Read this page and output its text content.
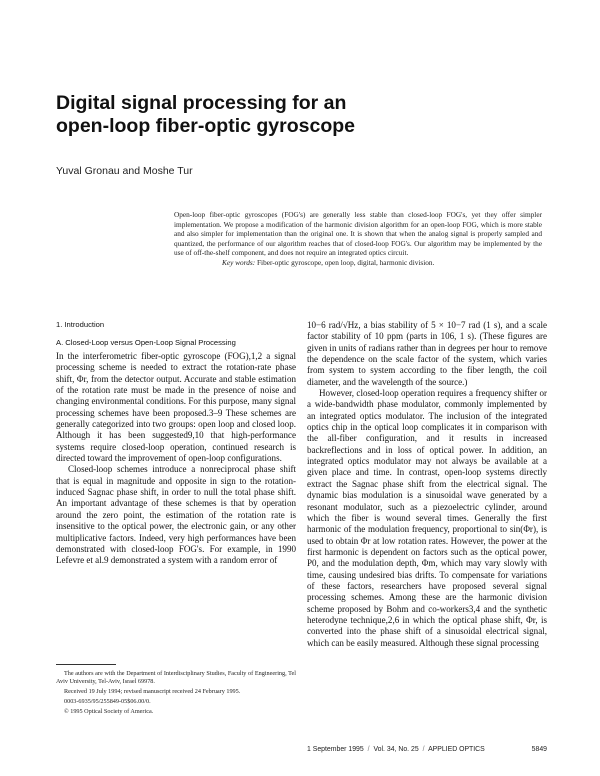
Digital signal processing for an
open-loop fiber-optic gyroscope
Yuval Gronau and Moshe Tur
Open-loop fiber-optic gyroscopes (FOG's) are generally less stable than closed-loop FOG's, yet they offer simpler implementation. We propose a modification of the harmonic division algorithm for an open-loop FOG, which is more stable and also simpler for implementation than the original one. It is shown that when the analog signal is properly sampled and quantized, the performance of our algorithm reaches that of closed-loop FOG's. Our algorithm may be implemented by the use of off-the-shelf component, and does not require an integrated optics circuit.
Key words: Fiber-optic gyroscope, open loop, digital, harmonic division.
1. Introduction
A. Closed-Loop versus Open-Loop Signal Processing

In the interferometric fiber-optic gyroscope (FOG),1,2 a signal processing scheme is needed to extract the rotation-rate phase shift, Φr, from the detector output. Accurate and stable estimation of the rotation rate must be made in the presence of noise and changing environmental conditions. For this purpose, many signal processing schemes have been proposed.3–9 These schemes are generally categorized into two groups: open loop and closed loop. Although it has been suggested9,10 that high-performance systems require closed-loop operation, continued research is directed toward the improvement of open-loop configurations.

Closed-loop schemes introduce a nonreciprocal phase shift that is equal in magnitude and opposite in sign to the rotation-induced Sagnac phase shift, in order to null the total phase shift. An important advantage of these schemes is that by operation around the zero point, the estimation of the rotation rate is insensitive to the optical power, the electronic gain, or any other multiplicative factors. Indeed, very high performances have been demonstrated with closed-loop FOG's. For example, in 1990 Lefevre et al.9 demonstrated a system with a random error of

10−6 rad/√Hz, a bias stability of 5 × 10−7 rad (1 s), and a scale factor stability of 10 ppm (parts in 106, 1 s). (These figures are given in units of radians rather than in degrees per hour to remove the dependence on the scale factor of the system, which varies from system to system according to the fiber length, the coil diameter, and the wavelength of the source.)

However, closed-loop operation requires a frequency shifter or a wide-bandwidth phase modulator, commonly implemented by an integrated optics modulator. The inclusion of the integrated optics chip in the optical loop complicates it in comparison with the all-fiber configuration, and it results in increased backreflections and in loss of optical power. In addition, an integrated optics modulator may not always be available at a given place and time. In contrast, open-loop systems directly extract the Sagnac phase shift from the electrical signal. The dynamic bias modulation is a sinusoidal wave generated by a resonant modulator, such as a piezoelectric cylinder, around which the fiber is wound several times. Generally the first harmonic of the modulation frequency, proportional to sin(Φr), is used to obtain Φr at low rotation rates. However, the power at the first harmonic is dependent on factors such as the optical power, P0, and the modulation depth, Φm, which may vary slowly with time, causing undesired bias drifts. To compensate for variations of these factors, researchers have proposed several signal processing schemes. Among these are the harmonic division scheme proposed by Bohm and co-workers3,4 and the synthetic heterodyne technique,2,6 in which the optical phase shift, Φr, is converted into the phase shift of a sinusoidal electrical signal, which can be easily measured. Although these signal processing

The authors are with the Department of Interdisciplinary Studies, Faculty of Engineering, Tel Aviv University, Tel-Aviv, Israel 69978.

Received 19 July 1994; revised manuscript received 24 February 1995.

0003-6935/95/255849-05$06.00/0.

© 1995 Optical Society of America.

1 September 1995 / Vol. 34, No. 25 / APPLIED OPTICS	5849
